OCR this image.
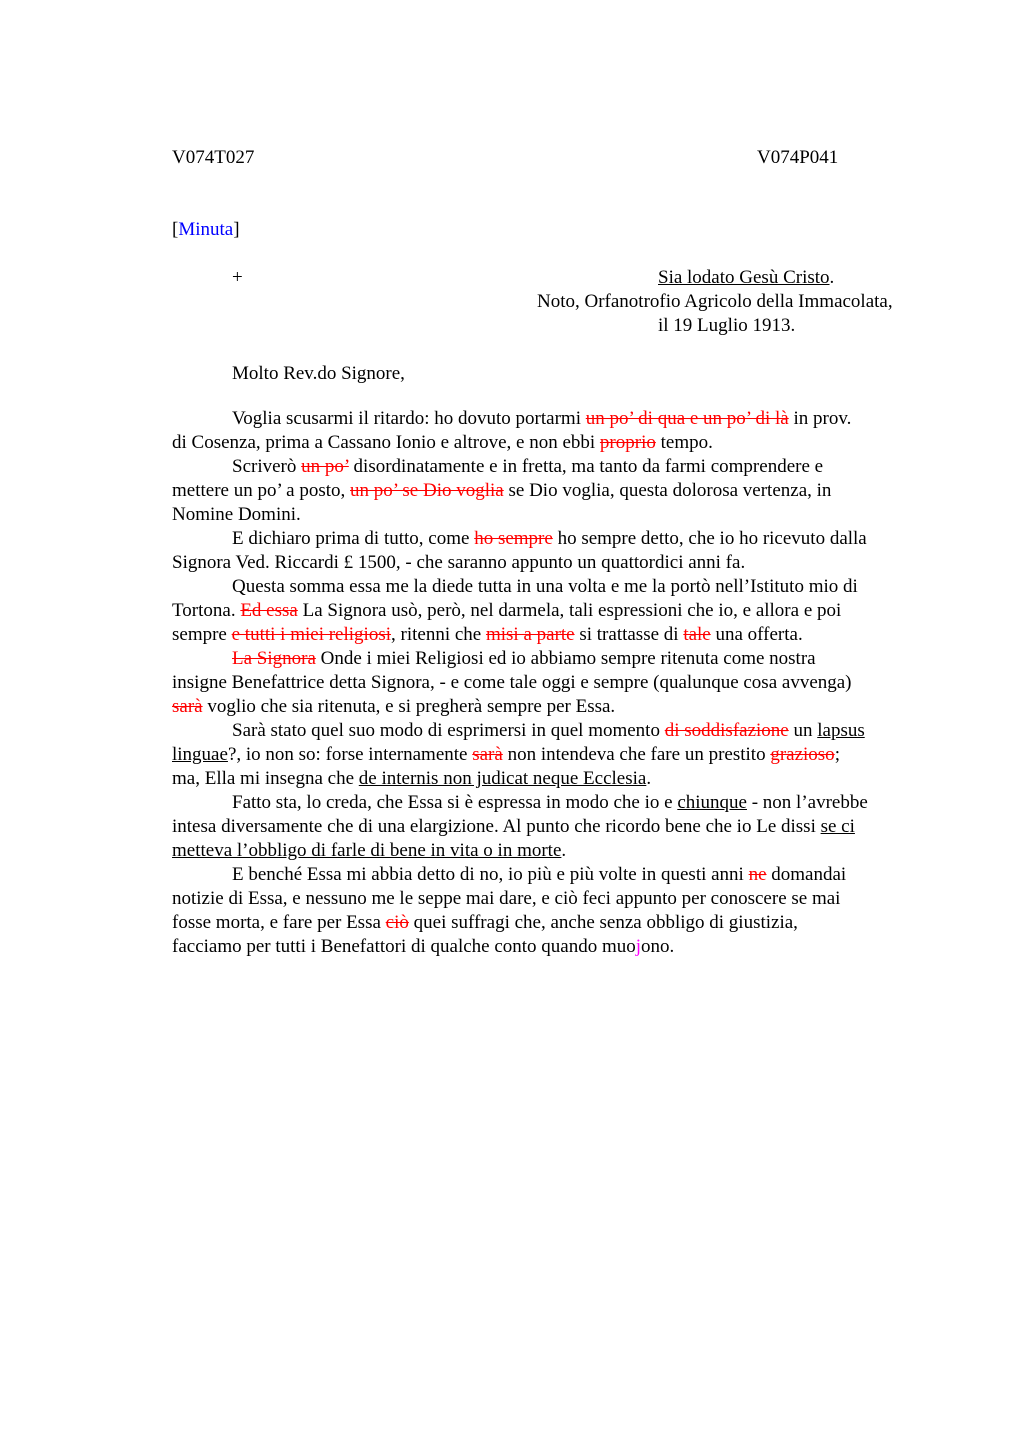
V074T027	V074P041
[Minuta]
+	Sia lodato Gesù Cristo.
Noto, Orfanotrofio Agricolo della Immacolata,
il 19 Luglio 1913.
Molto Rev.do Signore,
Voglia scusarmi il ritardo: ho dovuto portarmi un po’ di qua e un po’ di là in prov.
di Cosenza, prima a Cassano Ionio e altrove, e non ebbi proprio tempo.
Scriverò un po’ disordinatamente e in fretta, ma tanto da farmi comprendere e
mettere un po’ a posto, un po’ se Dio voglia se Dio voglia, questa dolorosa vertenza, in
Nomine Domini.
E dichiaro prima di tutto, come ho sempre ho sempre detto, che io ho ricevuto dalla
Signora Ved. Riccardi £ 1500, - che saranno appunto un quattordici anni fa.
Questa somma essa me la diede tutta in una volta e me la portò nell’Istituto mio di
Tortona. Ed essa La Signora usò, però, nel darmela, tali espressioni che io, e allora e poi
sempre e tutti i miei religiosi, ritenni che misi a parte si trattasse di tale una offerta.
La Signora Onde i miei Religiosi ed io abbiamo sempre ritenuta come nostra
insigne Benefattrice detta Signora, - e come tale oggi e sempre (qualunque cosa avvenga)
sarà voglio che sia ritenuta, e si pregherà sempre per Essa.
Sarà stato quel suo modo di esprimersi in quel momento di soddisfazione un lapsus
linguae?, io non so: forse internamente sarà non intendeva che fare un prestito grazioso;
ma, Ella mi insegna che de internis non judicat neque Ecclesia.
Fatto sta, lo creda, che Essa si è espressa in modo che io e chiunque - non l’avrebbe
intesa diversamente che di una elargizione. Al punto che ricordo bene che io Le dissi se ci
metteva l’obbligo di farle di bene in vita o in morte.
E benché Essa mi abbia detto di no, io più e più volte in questi anni ne domandai
notizie di Essa, e nessuno me le seppe mai dare, e ciò feci appunto per conoscere se mai
fosse morta, e fare per Essa ciò quei suffragi che, anche senza obbligo di giustizia,
facciamo per tutti i Benefattori di qualche conto quando muojono.
